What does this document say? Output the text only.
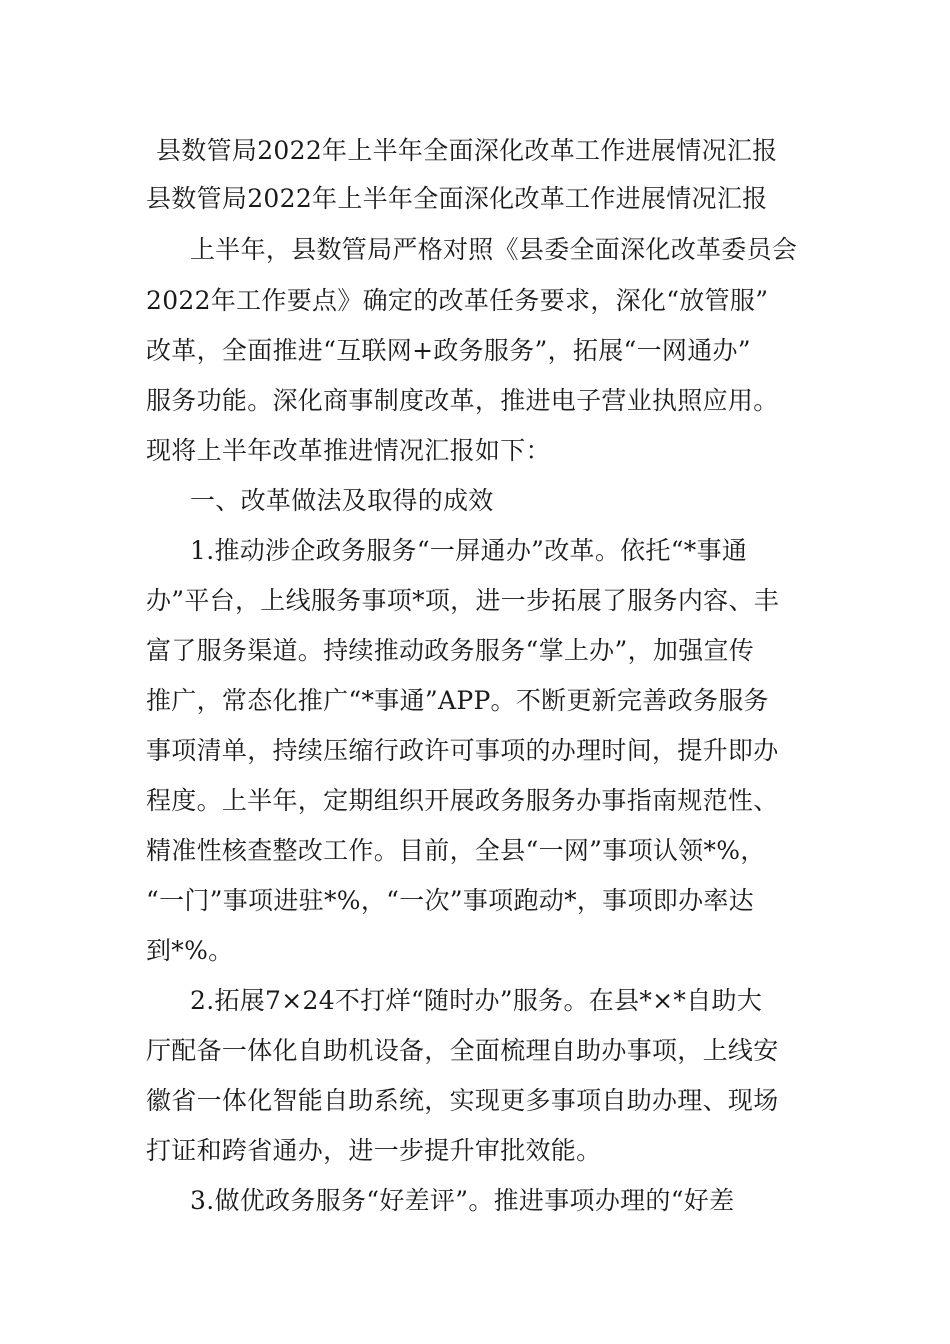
县数管局2022年上半年全面深化改革工作进展情况汇报
县数管局2022年上半年全面深化改革工作进展情况汇报
上半年，县数管局严格对照《县委全面深化改革委员会
2022年工作要点》确定的改革任务要求，深化“放管服”
改革，全面推进“互联网+政务服务”，拓展“一网通办”
服务功能。深化商事制度改革，推进电子营业执照应用。
现将上半年改革推进情况汇报如下：
一、改革做法及取得的成效
1.推动涉企政务服务“一屏通办”改革。依托“*事通
办”平台，上线服务事项*项，进一步拓展了服务内容、丰
富了服务渠道。持续推动政务服务“掌上办”，加强宣传
推广，常态化推广“*事通”APP。不断更新完善政务服务
事项清单，持续压缩行政许可事项的办理时间，提升即办
程度。上半年，定期组织开展政务服务办事指南规范性、
精准性核查整改工作。目前，全县“一网”事项认领*%，
“一门”事项进驻*%，“一次”事项跑动*，事项即办率达
到*%。
2.拓展7×24不打烊“随时办”服务。在县*×*自助大
厅配备一体化自助机设备，全面梳理自助办事项，上线安
徽省一体化智能自助系统，实现更多事项自助办理、现场
打证和跨省通办，进一步提升审批效能。
3.做优政务服务“好差评”。推进事项办理的“好差
